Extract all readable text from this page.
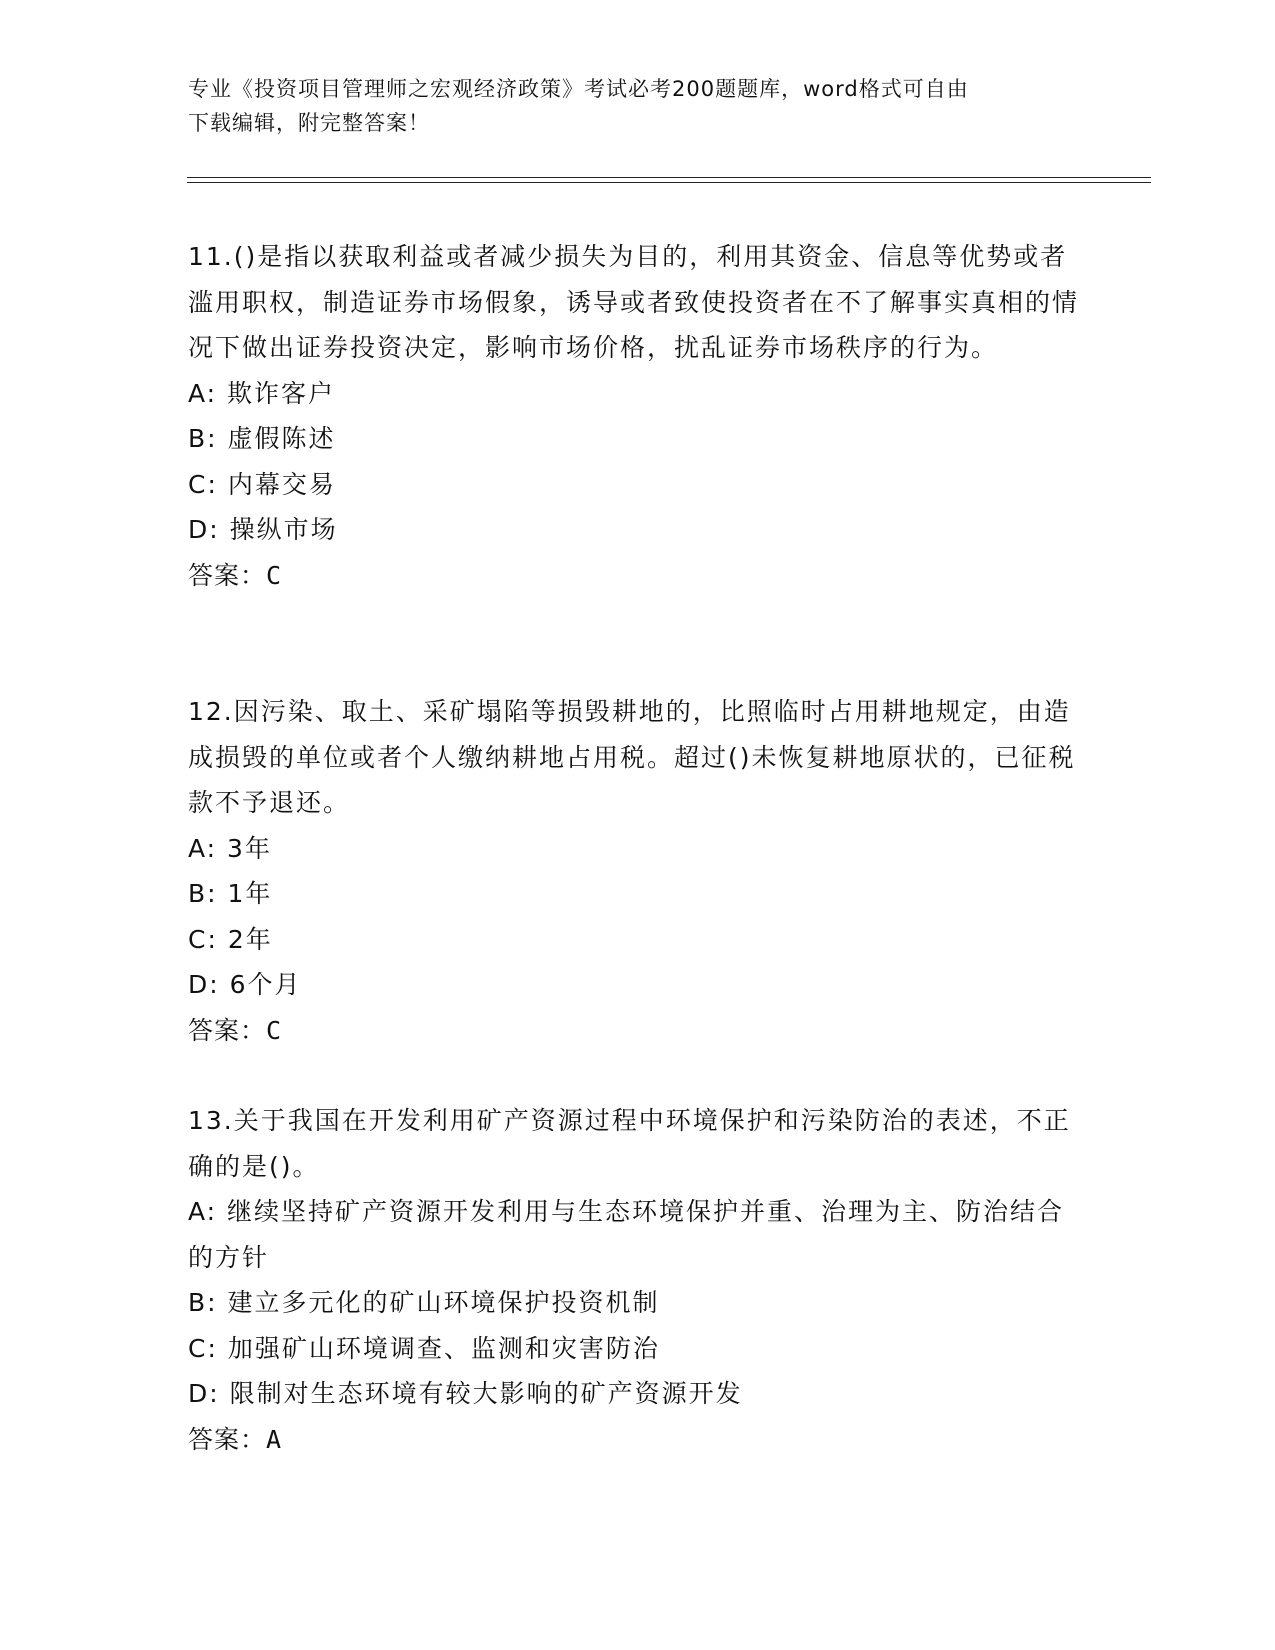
专业《投资项目管理师之宏观经济政策》考试必考200题题库，word格式可自由
下载编辑，附完整答案！
11.()是指以获取利益或者减少损失为目的，利用其资金、信息等优势或者滥用职权，制造证券市场假象，诱导或者致使投资者在不了解事实真相的情况下做出证券投资决定，影响市场价格，扰乱证券市场秩序的行为。
A: 欺诈客户
B: 虚假陈述
C: 内幕交易
D: 操纵市场
答案：C
12.因污染、取土、采矿塌陷等损毁耕地的，比照临时占用耕地规定，由造成损毁的单位或者个人缴纳耕地占用税。超过()未恢复耕地原状的，已征税款不予退还。
A: 3年
B: 1年
C: 2年
D: 6个月
答案：C
13.关于我国在开发利用矿产资源过程中环境保护和污染防治的表述，不正确的是()。
A: 继续坚持矿产资源开发利用与生态环境保护并重、治理为主、防治结合的方针
B: 建立多元化的矿山环境保护投资机制
C: 加强矿山环境调查、监测和灾害防治
D: 限制对生态环境有较大影响的矿产资源开发
答案：A
